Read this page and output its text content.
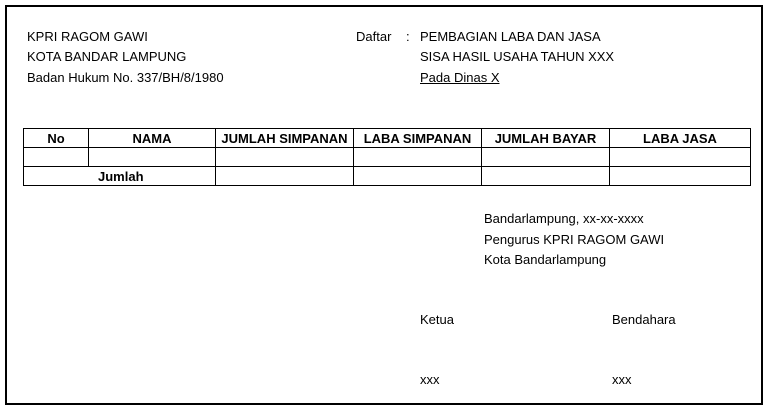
KPRI RAGOM GAWI
KOTA BANDAR LAMPUNG
Badan Hukum No. 337/BH/8/1980
Daftar : PEMBAGIAN LABA DAN JASA
SISA HASIL USAHA TAHUN XXX
Pada Dinas X
No	NAMA	JUMLAH SIMPANAN	LABA SIMPANAN	JUMLAH BAYAR	LABA JASA

Jumlah					
Bandarlampung, xx-xx-xxxx
Pengurus KPRI RAGOM GAWI
Kota Bandarlampung
Ketua	Bendahara
xxx	xxx
